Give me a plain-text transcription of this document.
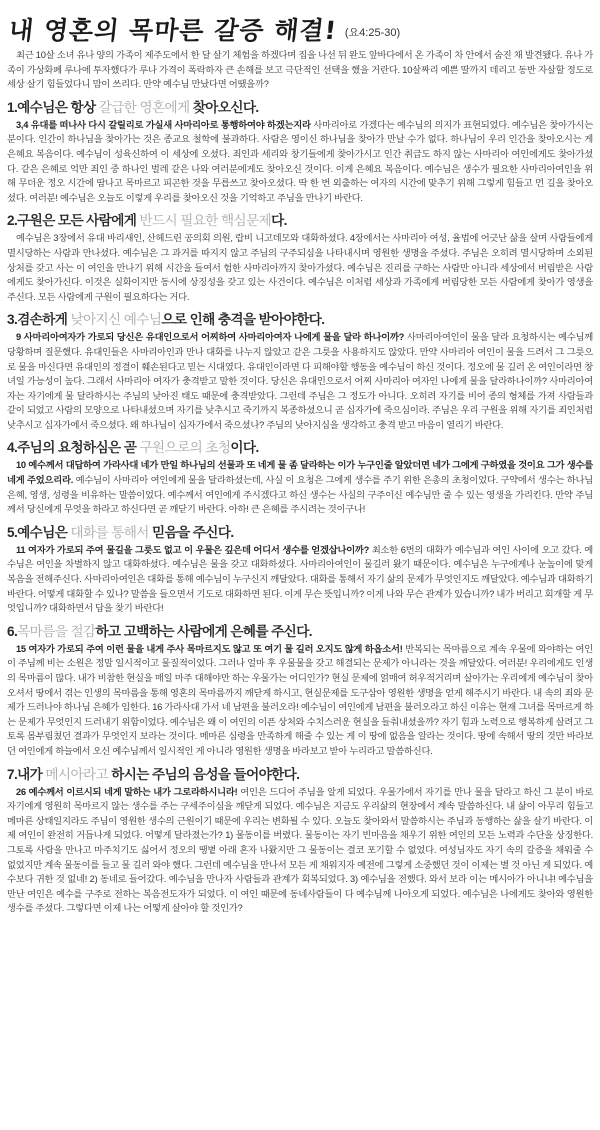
내 영혼의 목마른 갈증 해결! (요4:25-30)

최근 10살 소녀 유나 양의 가족이 제주도에서 한 달 살기 체험을 하겠다며 집을 나선 뒤 완도 앞바다에서 온 가족이 차 안에서 숨진 채 발견됐다. 유나 가족이 가상화폐 루나에 투자했다가 루나 가격이 폭락하자 큰 손해를 보고 극단적인 선택을 했을 거란다. 10살짜리 예쁜 딸까지 데리고 동반 자살할 정도로 세상 살기 힘들었다니 맘이 쓰리다. 만약 예수님 만났다면 어땠을까?

1.예수님은 항상 갈급한 영혼에게 찾아오신다.

3,4 유대를 떠나사 다시 갈릴리로 가실새 사마리아로 통행하여야 하겠는지라 사마리아로 가겠다는 예수님의 의지가 표현되었다. 예수님은 찾아가시는 분이다. 인간이 하나님을 찾아가는 것은 종교요 철학에 불과하다. 사람은 영이신 하나님을 찾아가 만날 수가 없다. 하나님이 우리 인간을 찾아오시는 게 은혜요 복음이다. 예수님이 성육신하여 이 세상에 오셨다. 죄인과 세리와 창기들에게 찾아가시고 인간 취급도 하지 않는 사마리아 여인에게도 찾아가셨다. 같은 은혜로 억만 죄인 중 하나인 벌레 같은 나와 여러분에게도 찾아오신 것이다. 이게 은혜요 복음이다. 예수님은 생수가 필요한 사마리아여인을 위해 무더운 정오 시간에 땀나고 목마르고 피곤한 것을 무릅쓰고 찾아오셨다. 딱 한 번 외출하는 여자의 시간에 맞추기 위해 그렇게 힘들고 먼 길을 찾아오셨다. 여러분! 예수님은 오늘도 이렇게 우리를 찾아오신 것을 기억하고 주님을 만나기 바란다.

2.구원은 모든 사람에게 반드시 필요한 핵심문제다.

예수님은 3장에서 유대 바리새인, 산헤드린 공의회 의원, 랍비 니고데모와 대화하셨다. 4장에서는 사마리아 여성, 율법에 어긋난 삶을 살며 사람들에게 멸시당하는 사람과 만나셨다. 예수님은 그 과거를 따지지 않고 주님의 구주되심을 나타내시며 영원한 생명을 주셨다. 주님은 오히려 멸시당하며 소외된 상처를 갖고 사는 이 여인을 만나기 위해 시간을 들여서 험한 사마리아까지 찾아가셨다. 예수님은 진리를 구하는 사람만 아니라 세상에서 버림받은 사람에게도 찾아가신다. 이것은 실화이지만 동시에 상징성을 갖고 있는 사건이다. 예수님은 이처럼 세상과 가족에게 버림당한 모든 사람에게 찾아가 영생을 주신다. 모든 사람에게 구원이 필요하다는 거다.

3.겸손하게 낮아지신 예수님으로 인해 충격을 받아야한다.

9 사마리아여자가 가로되 당신은 유대인으로서 어찌하여 사마리아여자 나에게 물을 달라 하나이까? 사마리아여인이 물을 달라 요청하시는 예수님께 당황하며 질문했다. 유대인들은 사마리아인과 만나 대화를 나누지 않았고 같은 그릇을 사용하지도 않았다. 만약 사마리아 여인이 물을 드려서 그 그릇으로 물을 마신다면 유대인의 정결이 훼손된다고 믿는 시대였다. 유대인이라면 다 피해야할 행동을 예수님이 하신 것이다. 정오에 물 길러 온 여인이라면 창녀일 가능성이 높다. 그래서 사마리아 여자가 충격받고 말한 것이다. 당신은 유대인으로서 어찌 사마리아 여자인 나에게 물을 달라하나이까? 사마리아여자는 자기에게 물 달라하시는 주님의 낮아진 태도 때문에 충격받았다. 그런데 주님은 그 정도가 아니다. 오히려 자기를 비어 종의 형체를 가져 사람들과 같이 되었고 사람의 모양으로 나타내셨으며 자기를 낮추시고 죽기까지 복종하셨으니 곧 십자가에 죽으심이라. 주님은 우리 구원을 위해 자기를 죄인처럼 낮추시고 십자가에서 죽으셨다. 왜 하나님이 십자가에서 죽으셨나? 주님의 낮아지심을 생각하고 충격 받고 마음이 열리기 바란다.

4.주님의 요청하심은 곧 구원으로의 초청이다.

10 예수께서 대답하여 가라사대 네가 만일 하나님의 선물과 또 네게 물 좀 달라하는 이가 누구인줄 알았더면 네가 그에게 구하였을 것이요 그가 생수를 네게 주었으리라. 예수님이 사마리아 여인에게 물을 달라하셨는데, 사실 이 요청은 그에게 생수를 주기 위한 은총의 초청이었다. 구약에서 생수는 하나님 은혜, 영생, 성령을 비유하는 말씀이었다. 예수께서 여인에게 주시겠다고 하신 생수는 사실의 구주이신 예수님만 줄 수 있는 영생을 가리킨다. 만약 주님께서 당신에게 무엇을 하라고 하신다면 곧 깨닫기 바란다. 아하! 큰 은혜를 주시려는 것이구나!

5.예수님은 대화를 통해서 믿음을 주신다.

11 여자가 가로되 주여 물길을 그릇도 없고 이 우물은 깊은데 어디서 생수를 얻겠삽나이까? 최소한 6번의 대화가 예수님과 여인 사이에 오고 갔다. 예수님은 여인을 차별하지 않고 대화하셨다. 예수님은 물을 갖고 대화하셨다. 사마리아여인이 물길러 왔기 때문이다. 예수님은 누구에게나 눈높이에 맞게 복음을 전해주신다. 사마리아여인은 대화를 통해 예수님이 누구신지 깨달았다. 대화를 통해서 자기 삶의 문제가 무엇인지도 깨달았다. 예수님과 대화하기 바란다. 어떻게 대화할 수 있나? 말씀을 들으면서 기도로 대화하면 된다. 이게 무슨 뜻입니까? 이게 나와 무슨 관계가 있습니까? 내가 버리고 회개할 게 무엇입니까? 대화하면서 답을 찾기 바란다!

6.목마름을 절감하고 고백하는 사람에게 은혜를 주신다.

15 여자가 가로되 주여 이런 물을 내게 주사 목마르지도 않고 또 여기 물 길러 오지도 않게 하옵소서! 반복되는 목마름으로 계속 우물에 와야하는 여인이 주님께 비는 소원은 정말 일시적이고 물질적이었다. 그러나 얼마 후 우물물을 갖고 해결되는 문제가 아니라는 것을 깨달았다. 여러분! 우리에게도 인생의 목마름이 많다. 내가 비참한 현실을 매일 마주 대해야만 하는 우물가는 어디인가? 현실 문제에 얽매여 허우적거리며 살아가는 우리에게 예수님이 찾아오셔서 땅에서 겪는 인생의 목마름을 통해 영혼의 목마름까지 깨닫게 하시고, 현실문제를 도구삼아 영원한 생명을 얻게 해주시기 바란다. 내 속의 죄와 문제가 드러나야 하나님 은혜가 임한다. 16 가라사대 가서 네 남편을 불러오라! 예수님이 여인에게 남편을 불러오라고 하신 이유는 현재 그녀를 목마르게 하는 문제가 무엇인지 드러내기 위함이었다. 예수님은 왜 이 여인의 이픈 상처와 수치스러운 현실을 들춰내셨을까? 자기 힘과 노력으로 행복하게 살려고 그토록 몸부림쳤던 결과가 무엇인지 보라는 것이다. 메마른 심령을 만족하게 해줄 수 있는 게 이 땅에 없음을 알라는 것이다. 땅에 속해서 땅의 것만 바라보던 여인에게 하늘에서 오신 예수님께서 일시적인 게 아니라 영원한 생명을 바라보고 받아 누리라고 말씀하신다.

7.내가 메시아라고 하시는 주님의 음성을 들어야한다.

26 예수께서 이르시되 네게 말하는 내가 그로라하시니라! 여인은 드디어 주님을 알게 되었다. 우물가에서 자기를 만나 물을 달라고 하신 그 분이 바로 자기에게 영원히 목마르지 않는 생수를 주는 구세주이심을 깨닫게 되었다. 예수님은 지금도 우리삶의 현장에서 계속 말씀하신다. 내 삶이 아무리 힘들고 메마른 상태일지라도 주님이 영원한 생수의 근원이기 때문에 우리는 변화될 수 있다. 오늘도 찾아와서 말씀하시는 주님과 동행하는 삶을 살기 바란다. 이제 여인이 완전히 거듭나게 되었다. 어떻게 달라졌는가? 1) 물동이를 버렸다. 물동이는 자기 빈마음을 채우기 위한 여인의 모든 노력과 수단을 상징한다. 그토록 사람을 만나고 마주치기도 싫어서 정오의 땡볕 아래 혼자 나왔지만 그 물동이는 결코 포기할 수 없었다. 여성님자도 자기 속의 갈증을 채워줄 수 없었지만 계속 물동이를 들고 물 길러 와야 했다. 그런데 예수님을 만나서 모든 게 채워지자 예전에 그렇게 소중했던 것이 이제는 별 것 아닌 게 되었다. 예수보다 귀한 것 없네! 2) 동네로 들어갔다. 예수님을 만나자 사람들과 관계가 회복되었다. 3) 예수님을 전했다. 와서 보라 이는 메시아가 아니냐! 예수님을 만난 여인은 예수를 구주로 전하는 복음전도자가 되었다. 이 여인 때문에 동네사람들이 다 예수님께 나아오게 되었다. 예수님은 나에게도 찾아와 영원한 생수를 주셨다. 그렇다면 이제 나는 어떻게 살아야 할 것인가?
